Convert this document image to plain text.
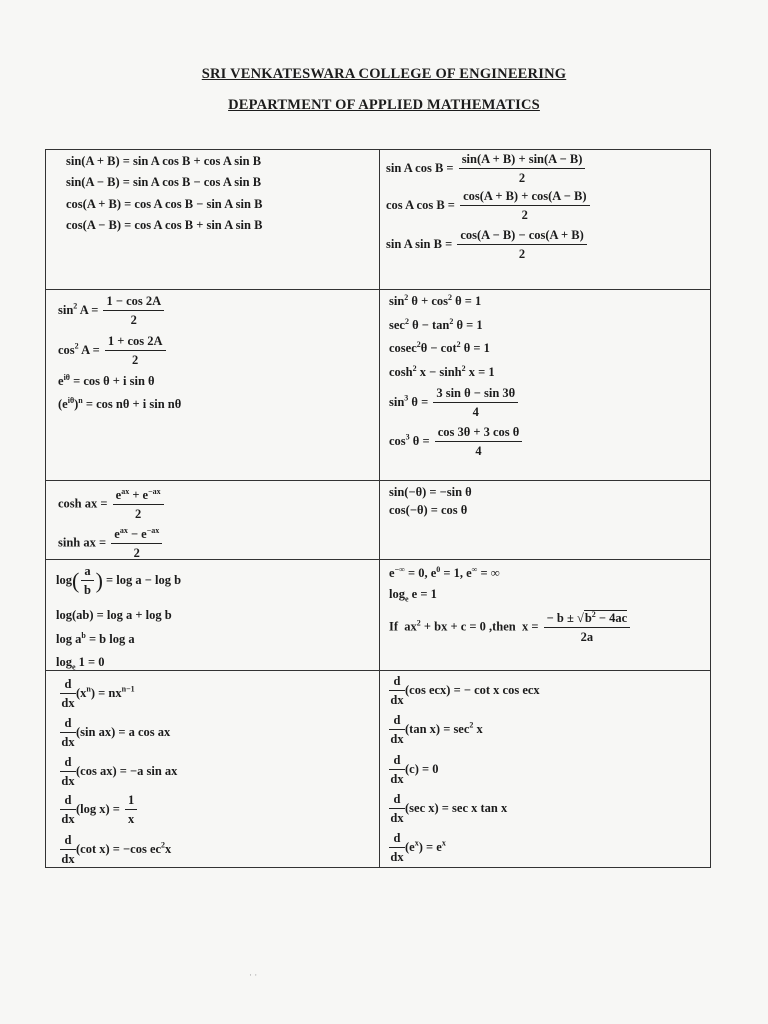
SRI VENKATESWARA COLLEGE OF ENGINEERING
DEPARTMENT OF APPLIED MATHEMATICS
sin(A + B) = sin A cos B + cos A sin B
sin(A − B) = sin A cos B − cos A sin B
cos(A + B) = cos A cos B − sin A sin B
cos(A − B) = cos A cos B + sin A sin B
sin A $\cos B = \frac{\sin(A + B) + \sin(A - B)}{2}$
cos A $\cos B = \frac{\cos(A + B) + \cos(A - B)}{2}$
sin A $\sin B = \frac{\cos(A - B) - \cos(A + B)}{2}$
$\sin^2 A = \frac{1 - \cos 2A}{2}$
$\cos^2 A = \frac{1 + \cos 2A}{2}$
$e^{i\theta} = \cos \theta + i$ sin θ
$(e^{i\theta})^n = \cos n\theta + i$ sin nθ
$\sin^2 \theta + \cos^2 \theta = 1$
$\sec^2 \theta - \tan^2 \theta = 1$
$cosec^2\theta - \cot^2 \theta = 1$
$\cosh^2 x - \sinh^2 x = 1$
$\sin^3 \theta = \frac{\text{3 sin θ − sin 3θ}}{4}$
$\cos^3 \theta = \frac{\text{cos 3θ + 3 cos θ}}{4}$
cosh ax = $\frac{e^{ax} + e^{-ax}}{2}$
sinh ax = $\frac{e^{ax} - e^{-ax}}{2}$
sin(−θ) = −sin θ
cos(−θ) = cos θ
$\log( \frac{a}{b}$ ) = log a − log b
log(ab) = log a + log b
$\log a^b = b$ log a
$\log_e 1 = 0$
e−∞ = 0, $e^0 = 1$, e∞ = ∞
$\log_e e = 1$
If  $ax^2$ + bx + c = 0 ,then  $x = \frac{- b \pm √b^2 - 4ac}{2a}$
$\frac{d}{dx} (x^n) = nx^{n-1}$
$\frac{d}{dx} (\sin$ ax) = a cos ax
$\frac{d}{dx} (\cos$ ax) = −a sin ax
$\frac{d}{dx} (\log$ $x) = \frac{1}{x}$
$\frac{d}{dx} (\cot$ x) = −cos $ec^2x$
$\frac{d}{dx} (\cos$ ecx) = − cot x cos ecx
$\frac{d}{dx} (\tan$ $x) = \sec^2 x$
$\frac{d}{dx} (c) = 0$
$\frac{d}{dx} (\sec$ x) = sec x tan x
$\frac{d}{dx} (e^x) = e^x$
· ·
